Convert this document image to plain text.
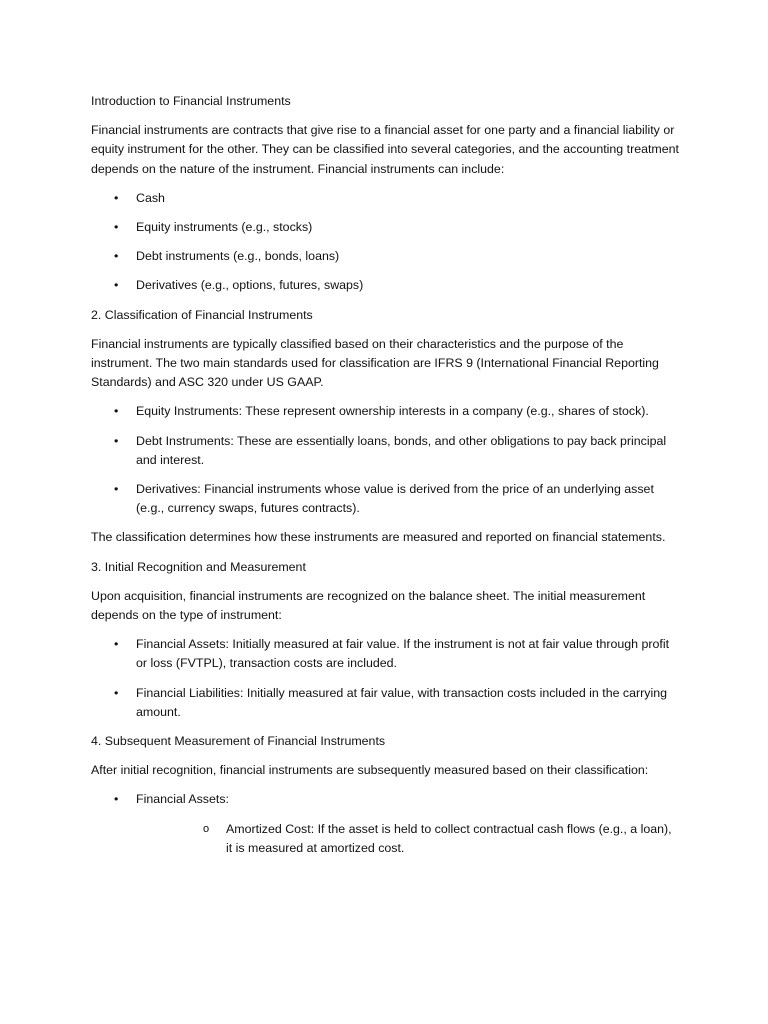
Introduction to Financial Instruments

Financial instruments are contracts that give rise to a financial asset for one party and a financial liability or equity instrument for the other. They can be classified into several categories, and the accounting treatment depends on the nature of the instrument. Financial instruments can include:

• Cash
• Equity instruments (e.g., stocks)
• Debt instruments (e.g., bonds, loans)
• Derivatives (e.g., options, futures, swaps)

2. Classification of Financial Instruments

Financial instruments are typically classified based on their characteristics and the purpose of the instrument. The two main standards used for classification are IFRS 9 (International Financial Reporting Standards) and ASC 320 under US GAAP.

• Equity Instruments: These represent ownership interests in a company (e.g., shares of stock).
• Debt Instruments: These are essentially loans, bonds, and other obligations to pay back principal and interest.
• Derivatives: Financial instruments whose value is derived from the price of an underlying asset (e.g., currency swaps, futures contracts).

The classification determines how these instruments are measured and reported on financial statements.

3. Initial Recognition and Measurement

Upon acquisition, financial instruments are recognized on the balance sheet. The initial measurement depends on the type of instrument:

• Financial Assets: Initially measured at fair value. If the instrument is not at fair value through profit or loss (FVTPL), transaction costs are included.
• Financial Liabilities: Initially measured at fair value, with transaction costs included in the carrying amount.

4. Subsequent Measurement of Financial Instruments

After initial recognition, financial instruments are subsequently measured based on their classification:

• Financial Assets:
o Amortized Cost: If the asset is held to collect contractual cash flows (e.g., a loan), it is measured at amortized cost.
